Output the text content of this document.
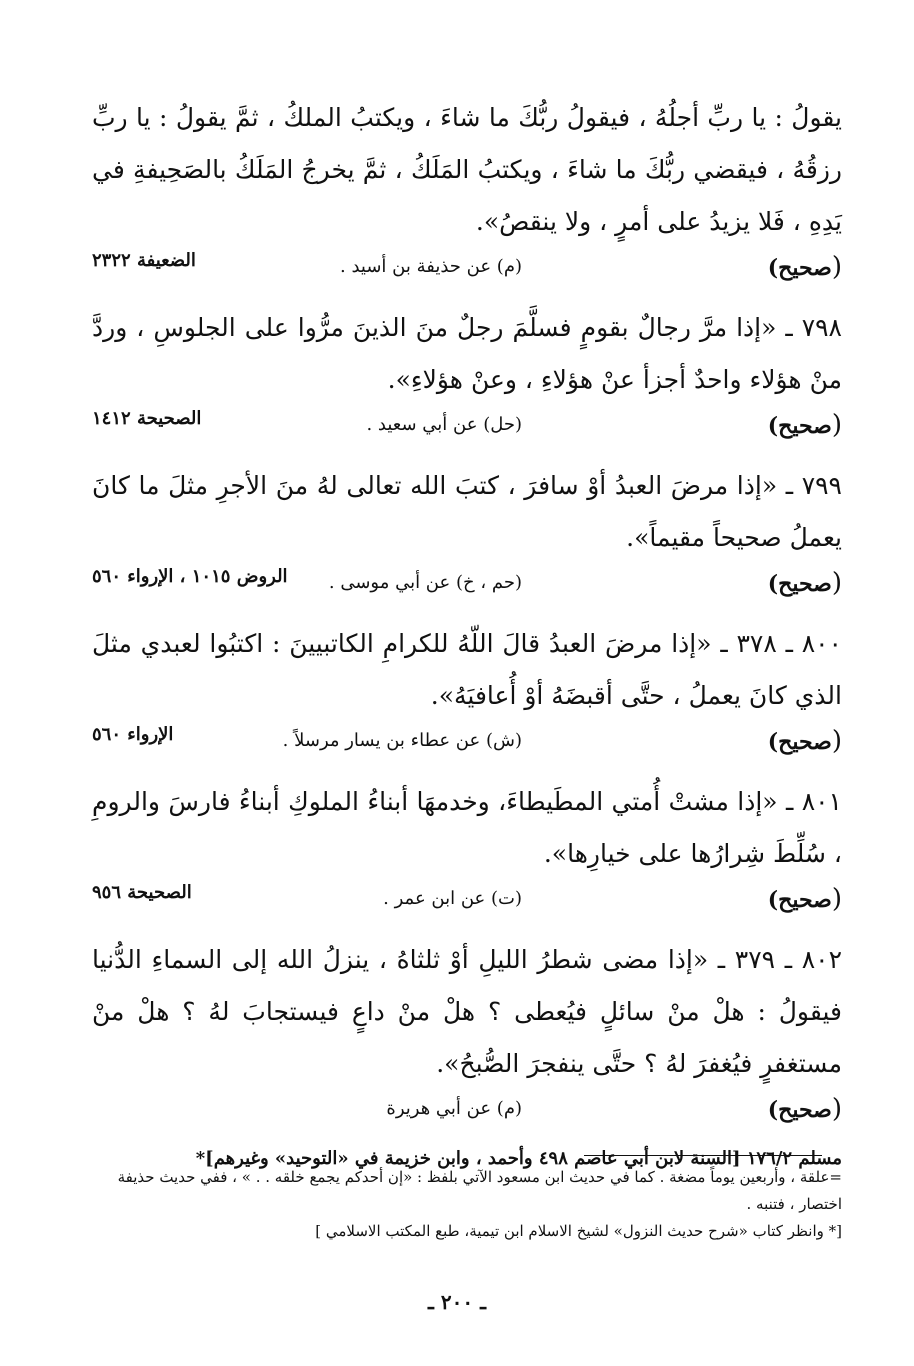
يقولُ : يا ربِّ أجلُهُ ، فيقولُ ربُّكَ ما شاءَ ، ويكتبُ الملكُ ، ثمَّ يقولُ : يا ربِّ رزقُهُ ، فيقضي ربُّكَ ما شاءَ ، ويكتبُ المَلَكُ ، ثمَّ يخرجُ المَلَكُ بالصَحِيفةِ في يَدِهِ ، فَلا يزيدُ على أمرٍ ، ولا ينقصُ».

( صحيح)
(م) عن حذيفة بن أسيد .
الضعيفة ٢٣٢٢

٧٩٨ ـ «إذا مرَّ رجالٌ بقومٍ فسلَّمَ رجلٌ منَ الذينَ مرُّوا على الجلوسِ ، وردَّ منْ هؤلاء واحدٌ أجزأ عنْ هؤلاءِ ، وعنْ هؤلاءِ».

( صحيح)
(حل) عن أبي سعيد .
الصحيحة ١٤١٢

٧٩٩ ـ «إذا مرضَ العبدُ أوْ سافرَ ، كتبَ الله تعالى لهُ منَ الأجرِ مثلَ ما كانَ يعملُ صحيحاً مقيماً».

( صحيح)
(حم ، خ) عن أبي موسى .
الروض ١٠١٥ ، الإرواء ٥٦٠

٨٠٠ ـ ٣٧٨ ـ «إذا مرضَ العبدُ قالَ اللّهُ للكرامِ الكاتبيينَ : اكتبُوا لعبدي مثلَ الذي كانَ يعملُ ، حتَّى أقبضَهُ أوْ أُعافيَهُ».

( صحيح)
(ش) عن عطاء بن يسار مرسلاً .
الإرواء ٥٦٠

٨٠١ ـ «إذا مشتْ أُمتي المطَيطاءَ، وخدمهَا أبناءُ الملوكِ أبناءُ فارسَ والرومِ ، سُلِّطَ شِرارُها على خيارِها».

( صحيح)
(ت) عن ابن عمر .
الصحيحة ٩٥٦

٨٠٢ ـ ٣٧٩ ـ «إذا مضى شطرُ الليلِ أوْ ثلثاهُ ، ينزلُ الله إلى السماءِ الدُّنيا فيقولُ : هلْ منْ سائلٍ فيُعطى ؟ هلْ منْ داعٍ فيستجابَ لهُ ؟ هلْ منْ مستغفرٍ فيُغفرَ لهُ ؟ حتَّى ينفجرَ الصُّبحُ».

( صحيح)
(م) عن أبي هريرة

مسلم ١٧٦/٢ [السنة لابن أبي عاصم ٤٩٨ وأحمد ، وابن خزيمة في «التوحيد» وغيرهم]*

=علقة ، وأربعين يوماً مضغة . كما في حديث ابن مسعود الآتي بلفظ : «إن أحدكم يجمع خلقه . . » ، ففي حديث حذيفة اختصار ، فتنبه .

[* وانظر كتاب «شرح حديث النزول» لشيخ الاسلام ابن تيمية، طبع المكتب الاسلامي ]

ـ ٢٠٠ ـ
